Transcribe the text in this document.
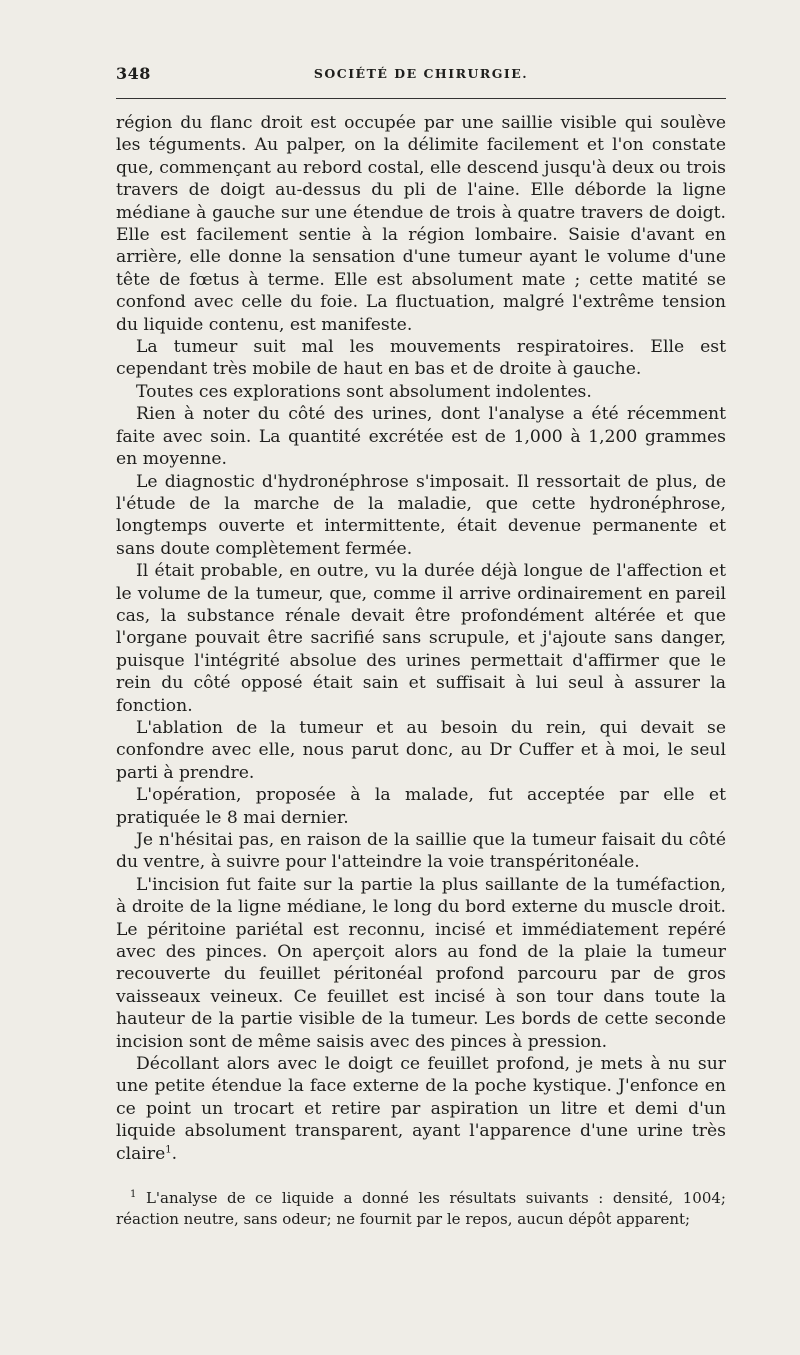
348	SOCIÉTÉ DE CHIRURGIE.

région du flanc droit est occupée par une saillie visible qui soulève les téguments. Au palper, on la délimite facilement et l'on constate que, commençant au rebord costal, elle descend jusqu'à deux ou trois travers de doigt au-dessus du pli de l'aine. Elle déborde la ligne médiane à gauche sur une étendue de trois à quatre travers de doigt. Elle est facilement sentie à la région lombaire. Saisie d'avant en arrière, elle donne la sensation d'une tumeur ayant le volume d'une tête de fœtus à terme. Elle est absolument mate ; cette matité se confond avec celle du foie. La fluctuation, malgré l'extrême tension du liquide contenu, est manifeste.

La tumeur suit mal les mouvements respiratoires. Elle est cependant très mobile de haut en bas et de droite à gauche.

Toutes ces explorations sont absolument indolentes.

Rien à noter du côté des urines, dont l'analyse a été récemment faite avec soin. La quantité excrétée est de 1,000 à 1,200 grammes en moyenne.

Le diagnostic d'hydronéphrose s'imposait. Il ressortait de plus, de l'étude de la marche de la maladie, que cette hydronéphrose, longtemps ouverte et intermittente, était devenue permanente et sans doute complètement fermée.

Il était probable, en outre, vu la durée déjà longue de l'affection et le volume de la tumeur, que, comme il arrive ordinairement en pareil cas, la substance rénale devait être profondément altérée et que l'organe pouvait être sacrifié sans scrupule, et j'ajoute sans danger, puisque l'intégrité absolue des urines permettait d'affirmer que le rein du côté opposé était sain et suffisait à lui seul à assurer la fonction.

L'ablation de la tumeur et au besoin du rein, qui devait se confondre avec elle, nous parut donc, au Dr Cuffer et à moi, le seul parti à prendre.

L'opération, proposée à la malade, fut acceptée par elle et pratiquée le 8 mai dernier.

Je n'hésitai pas, en raison de la saillie que la tumeur faisait du côté du ventre, à suivre pour l'atteindre la voie transpéritonéale.

L'incision fut faite sur la partie la plus saillante de la tuméfaction, à droite de la ligne médiane, le long du bord externe du muscle droit. Le péritoine pariétal est reconnu, incisé et immédiatement repéré avec des pinces. On aperçoit alors au fond de la plaie la tumeur recouverte du feuillet péritonéal profond parcouru par de gros vaisseaux veineux. Ce feuillet est incisé à son tour dans toute la hauteur de la partie visible de la tumeur. Les bords de cette seconde incision sont de même saisis avec des pinces à pression.

Décollant alors avec le doigt ce feuillet profond, je mets à nu sur une petite étendue la face externe de la poche kystique. J'enfonce en ce point un trocart et retire par aspiration un litre et demi d'un liquide absolument transparent, ayant l'apparence d'une urine très claire$^1$.

$^1$ L'analyse de ce liquide a donné les résultats suivants : densité, 1004; réaction neutre, sans odeur; ne fournit par le repos, aucun dépôt apparent;
